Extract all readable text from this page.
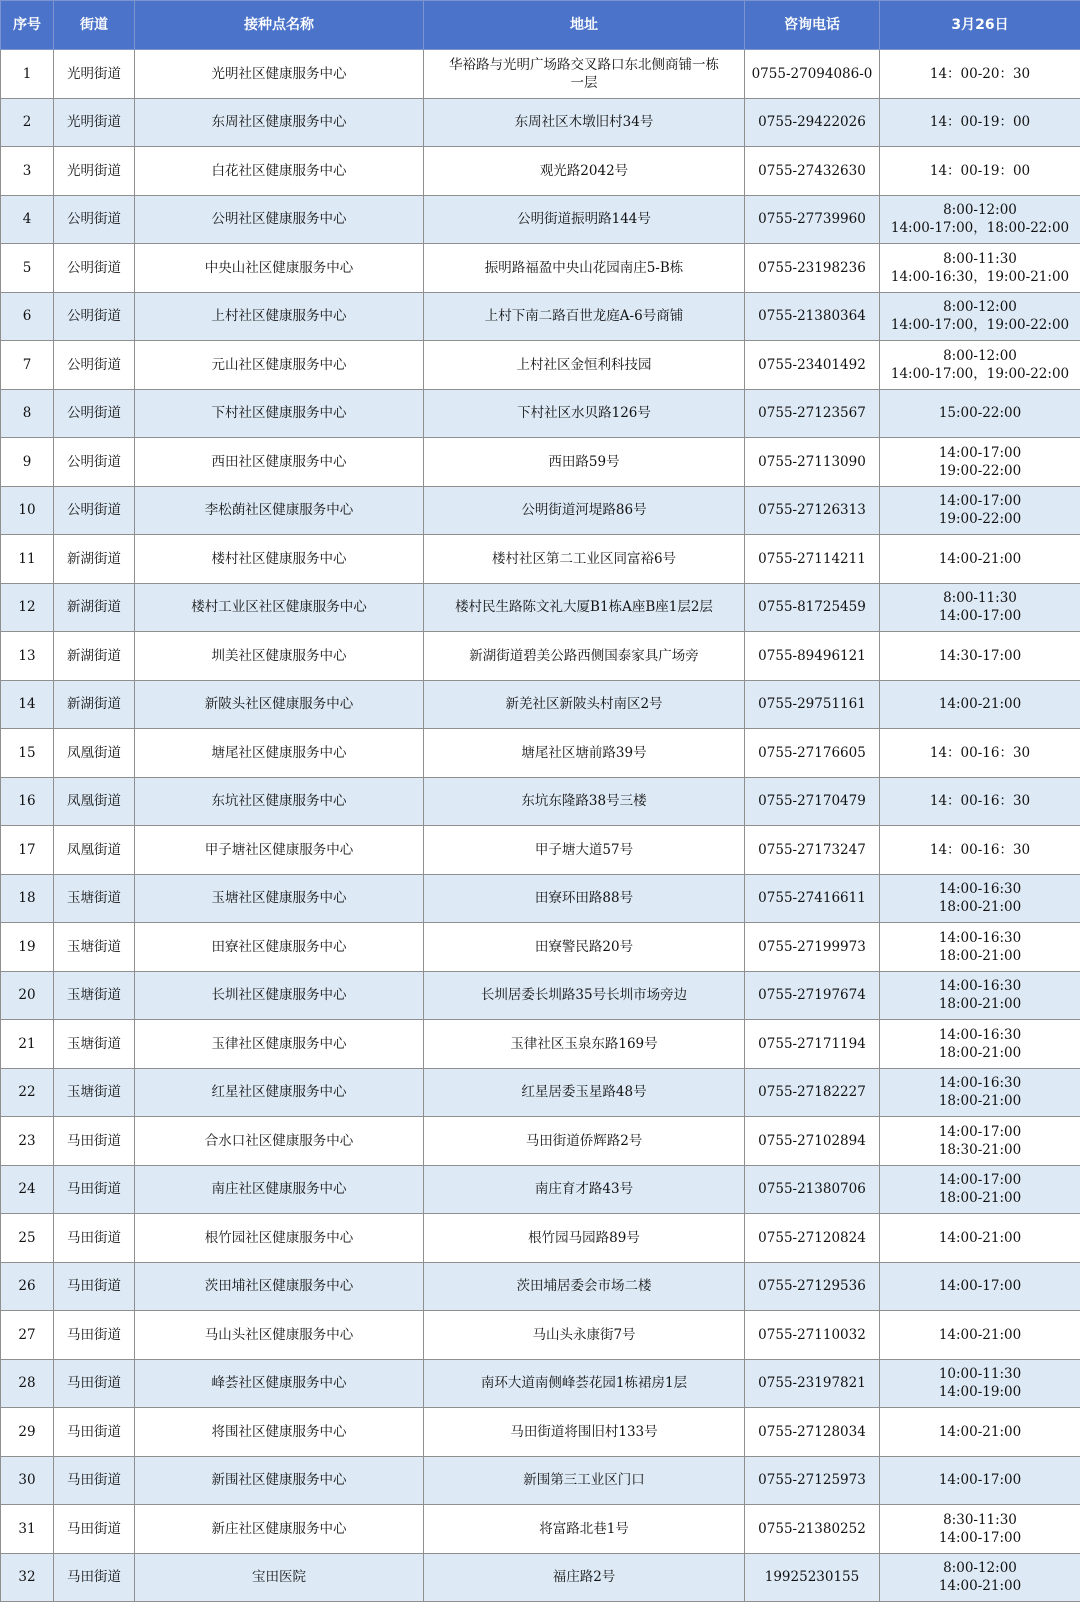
序号	街道	接种点名称	地址	咨询电话	3月26日
1	光明街道	光明社区健康服务中心	华裕路与光明广场路交叉路口东北侧商铺一栋
一层	0755-27094086-0	14：00-20：30
2	光明街道	东周社区健康服务中心	东周社区木墩旧村34号	0755-29422026	14：00-19：00
3	光明街道	白花社区健康服务中心	观光路2042号	0755-27432630	14：00-19：00
4	公明街道	公明社区健康服务中心	公明街道振明路144号	0755-27739960	8:00-12:00
14:00-17:00，18:00-22:00
5	公明街道	中央山社区健康服务中心	振明路福盈中央山花园南庄5-B栋	0755-23198236	8:00-11:30
14:00-16:30，19:00-21:00
6	公明街道	上村社区健康服务中心	上村下南二路百世龙庭A-6号商铺	0755-21380364	8:00-12:00
14:00-17:00，19:00-22:00
7	公明街道	元山社区健康服务中心	上村社区金恒利科技园	0755-23401492	8:00-12:00
14:00-17:00，19:00-22:00
8	公明街道	下村社区健康服务中心	下村社区水贝路126号	0755-27123567	15:00-22:00
9	公明街道	西田社区健康服务中心	西田路59号	0755-27113090	14:00-17:00
19:00-22:00
10	公明街道	李松蓢社区健康服务中心	公明街道河堤路86号	0755-27126313	14:00-17:00
19:00-22:00
11	新湖街道	楼村社区健康服务中心	楼村社区第二工业区同富裕6号	0755-27114211	14:00-21:00
12	新湖街道	楼村工业区社区健康服务中心	楼村民生路陈文礼大厦B1栋A座B座1层2层	0755-81725459	8:00-11:30
14:00-17:00
13	新湖街道	圳美社区健康服务中心	新湖街道碧美公路西侧国泰家具广场旁	0755-89496121	14:30-17:00
14	新湖街道	新陂头社区健康服务中心	新羌社区新陂头村南区2号	0755-29751161	14:00-21:00
15	凤凰街道	塘尾社区健康服务中心	塘尾社区塘前路39号	0755-27176605	14：00-16：30
16	凤凰街道	东坑社区健康服务中心	东坑东隆路38号三楼	0755-27170479	14：00-16：30
17	凤凰街道	甲子塘社区健康服务中心	甲子塘大道57号	0755-27173247	14：00-16：30
18	玉塘街道	玉塘社区健康服务中心	田寮环田路88号	0755-27416611	14:00-16:30
18:00-21:00
19	玉塘街道	田寮社区健康服务中心	田寮警民路20号	0755-27199973	14:00-16:30
18:00-21:00
20	玉塘街道	长圳社区健康服务中心	长圳居委长圳路35号长圳市场旁边	0755-27197674	14:00-16:30
18:00-21:00
21	玉塘街道	玉律社区健康服务中心	玉律社区玉泉东路169号	0755-27171194	14:00-16:30
18:00-21:00
22	玉塘街道	红星社区健康服务中心	红星居委玉星路48号	0755-27182227	14:00-16:30
18:00-21:00
23	马田街道	合水口社区健康服务中心	马田街道侨辉路2号	0755-27102894	14:00-17:00
18:30-21:00
24	马田街道	南庄社区健康服务中心	南庄育才路43号	0755-21380706	14:00-17:00
18:00-21:00
25	马田街道	根竹园社区健康服务中心	根竹园马园路89号	0755-27120824	14:00-21:00
26	马田街道	茨田埔社区健康服务中心	茨田埔居委会市场二楼	0755-27129536	14:00-17:00
27	马田街道	马山头社区健康服务中心	马山头永康街7号	0755-27110032	14:00-21:00
28	马田街道	峰荟社区健康服务中心	南环大道南侧峰荟花园1栋裙房1层	0755-23197821	10:00-11:30
14:00-19:00
29	马田街道	将围社区健康服务中心	马田街道将围旧村133号	0755-27128034	14:00-21:00
30	马田街道	新围社区健康服务中心	新围第三工业区门口	0755-27125973	14:00-17:00
31	马田街道	新庄社区健康服务中心	将富路北巷1号	0755-21380252	8:30-11:30
14:00-17:00
32	马田街道	宝田医院	福庄路2号	19925230155	8:00-12:00
14:00-21:00
